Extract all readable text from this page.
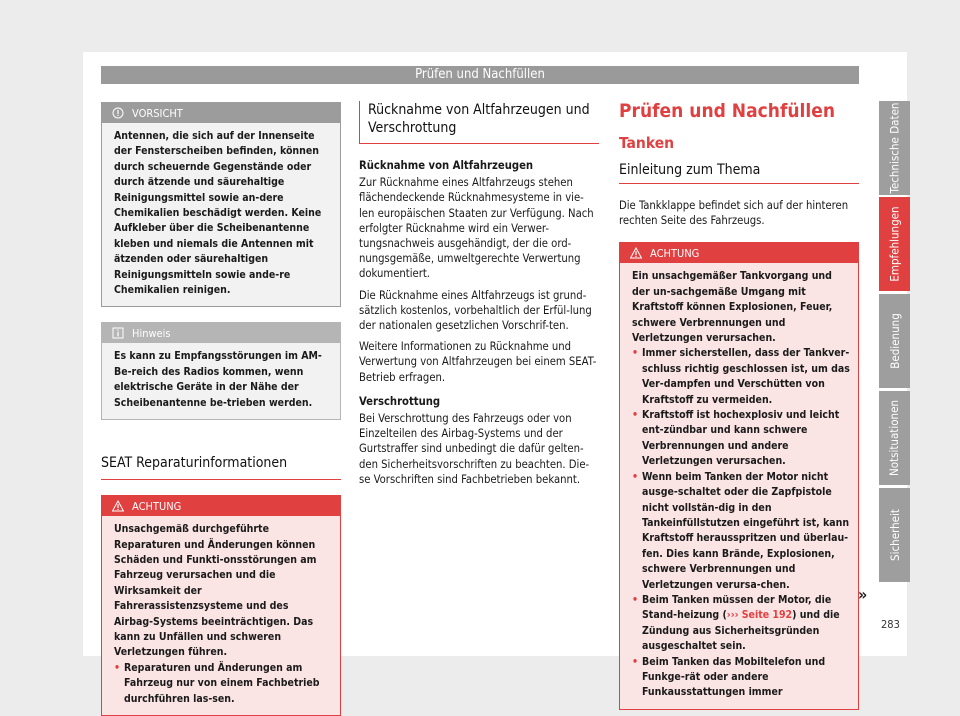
Prüfen und Nachfüllen
VORSICHT
Antennen, die sich auf der Innenseite der Fensterscheiben befinden, können durch scheuernde Gegenstände oder durch ätzende und säurehaltige Reinigungsmittel sowie an-dere Chemikalien beschädigt werden. Keine Aufkleber über die Scheibenantenne kleben und niemals die Antennen mit ätzenden oder säurehaltigen Reinigungsmitteln sowie ande-re Chemikalien reinigen.
Hinweis
Es kann zu Empfangsstörungen im AM-Be-reich des Radios kommen, wenn elektrische Geräte in der Nähe der Scheibenantenne be-trieben werden.
SEAT Reparaturinformationen
ACHTUNG
Unsachgemäß durchgeführte Reparaturen und Änderungen können Schäden und Funkti-onsstörungen am Fahrzeug verursachen und die Wirksamkeit der Fahrerassistenzsysteme und des Airbag-Systems beeinträchtigen. Das kann zu Unfällen und schweren Verletzungen führen.
• Reparaturen und Änderungen am Fahrzeug nur von einem Fachbetrieb durchführen las-sen.
Rücknahme von Altfahrzeugen und Verschrottung

Rücknahme von Altfahrzeugen

Zur Rücknahme eines Altfahrzeugs stehen flächendeckende Rücknahmesysteme in vie-len europäischen Staaten zur Verfügung. Nach erfolgter Rücknahme wird ein Verwer-tungsnachweis ausgehändigt, der die ord-nungsgemäße, umweltgerechte Verwertung dokumentiert.

Die Rücknahme eines Altfahrzeugs ist grund-sätzlich kostenlos, vorbehaltlich der Erfül-lung der nationalen gesetzlichen Vorschrif-ten.

Weitere Informationen zu Rücknahme und Verwertung von Altfahrzeugen bei einem SEAT-Betrieb erfragen.

Verschrottung

Bei Verschrottung des Fahrzeugs oder von Einzelteilen des Airbag-Systems und der Gurtstraffer sind unbedingt die dafür gelten-den Sicherheitsvorschriften zu beachten. Die-se Vorschriften sind Fachbetrieben bekannt.

Prüfen und Nachfüllen
Tanken
Einleitung zum Thema

Die Tankklappe befindet sich auf der hinteren rechten Seite des Fahrzeugs.

ACHTUNG
Ein unsachgemäßer Tankvorgang und der un-sachgemäße Umgang mit Kraftstoff können Explosionen, Feuer, schwere Verbrennungen und Verletzungen verursachen.
• Immer sicherstellen, dass der Tankver-schluss richtig geschlossen ist, um das Ver-dampfen und Verschütten von Kraftstoff zu vermeiden.
• Kraftstoff ist hochexplosiv und leicht ent-zündbar und kann schwere Verbrennungen und andere Verletzungen verursachen.
• Wenn beim Tanken der Motor nicht ausge-schaltet oder die Zapfpistole nicht vollstän-dig in den Tankeinfüllstutzen eingeführt ist, kann Kraftstoff herausspritzen und überlau-fen. Dies kann Brände, Explosionen, schwere Verbrennungen und Verletzungen verursa-chen.
• Beim Tanken müssen der Motor, die Stand-heizung (››› Seite 192) und die Zündung aus Sicherheitsgründen ausgeschaltet sein.
• Beim Tanken das Mobiltelefon und Funkge-rät oder andere Funkausstattungen immer
»
Technische Daten
Empfehlungen
Bedienung
Notsituationen
Sicherheit
283
